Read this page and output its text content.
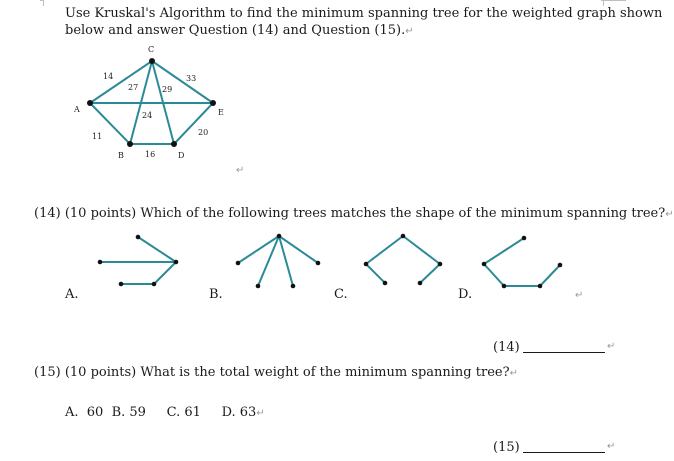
Use Kruskal's Algorithm to find the minimum spanning tree for the weighted graph shown
below and answer Question (14) and Question (15).↵
C
A	E
B	D
14
27	29
33
24
11
16
20
↵
(14) (10 points) Which of the following trees matches the shape of the minimum spanning tree?↵
A.	B.	C.	D.	↵
(14)	↵
(15) (10 points) What is the total weight of the minimum spanning tree?↵
A.  60  B. 59     C. 61     D. 63↵
(15)	↵
